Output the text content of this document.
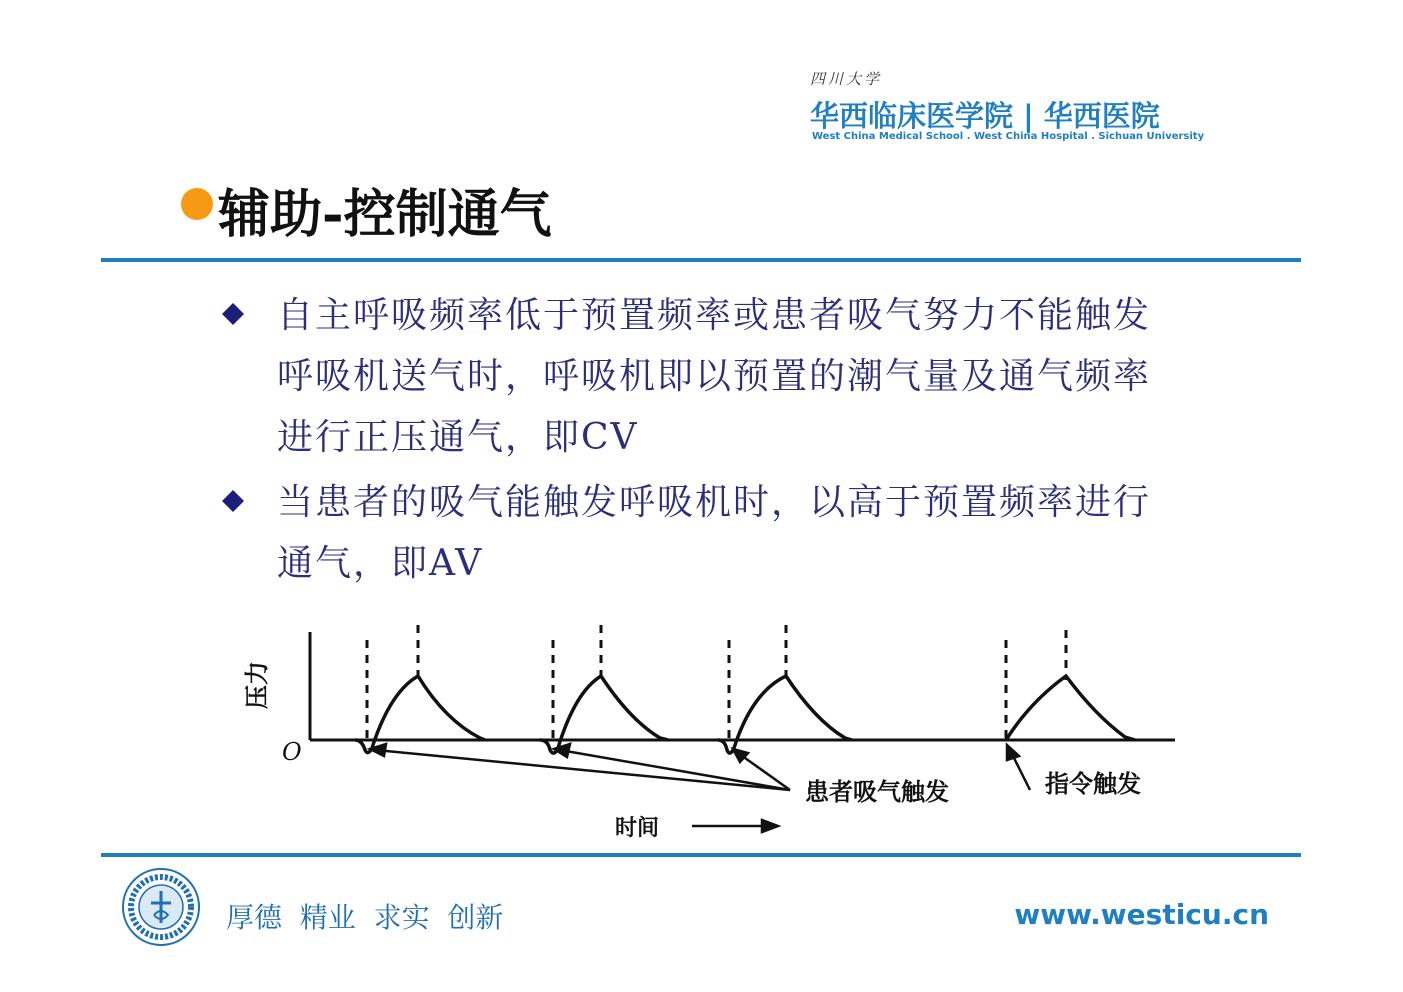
四川大学
华西临床医学院 | 华西医院
West China Medical School . West China Hospital . Sichuan University
辅助-控制通气
自主呼吸频率低于预置频率或患者吸气努力不能触发呼吸机送气时，呼吸机即以预置的潮气量及通气频率进行正压通气，即CV
当患者的吸气能触发呼吸机时，以高于预置频率进行通气，即AV
压力
O
患者吸气触发	指令触发
时间
厚德  精业  求实  创新	www.westicu.cn
